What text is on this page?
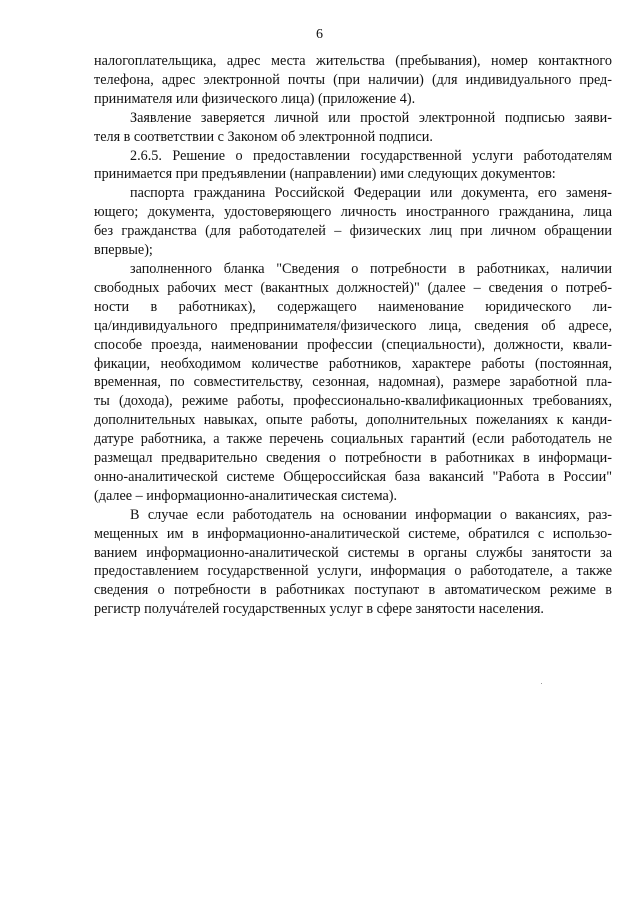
6
налогоплательщика, адрес места жительства (пребывания), номер контактного
телефона, адрес электронной почты (при наличии) (для индивидуального пред-
принимателя или физического лица) (приложение 4).
Заявление заверяется личной или простой электронной подписью заяви-
теля в соответствии с Законом об электронной подписи.
2.6.5. Решение о предоставлении государственной услуги работодателям
принимается при предъявлении (направлении) ими следующих документов:
паспорта гражданина Российской Федерации или документа, его заменя-
ющего; документа, удостоверяющего личность иностранного гражданина, лица
без гражданства (для работодателей – физических лиц при личном обращении
впервые);
заполненного бланка "Сведения о потребности в работниках, наличии
свободных рабочих мест (вакантных должностей)" (далее – сведения о потреб-
ности в работниках), содержащего наименование юридического ли-
ца/индивидуального предпринимателя/физического лица, сведения об адресе,
способе проезда, наименовании профессии (специальности), должности, квали-
фикации, необходимом количестве работников, характере работы (постоянная,
временная, по совместительству, сезонная, надомная), размере заработной пла-
ты (дохода), режиме работы, профессионально-квалификационных требованиях,
дополнительных навыках, опыте работы, дополнительных пожеланиях к канди-
датуре работника, а также перечень социальных гарантий (если работодатель не
размещал предварительно сведения о потребности в работниках в информаци-
онно-аналитической системе Общероссийская база вакансий "Работа в России"
(далее – информационно-аналитическая система).
В случае если работодатель на основании информации о вакансиях, раз-
мещенных им в информационно-аналитической системе, обратился с использо-
ванием информационно-аналитической системы в органы службы занятости за
предоставлением государственной услуги, информация о работодателе, а также
сведения о потребности в работниках поступают в автоматическом режиме в
регистр получателей государственных услуг в сфере занятости населения.
